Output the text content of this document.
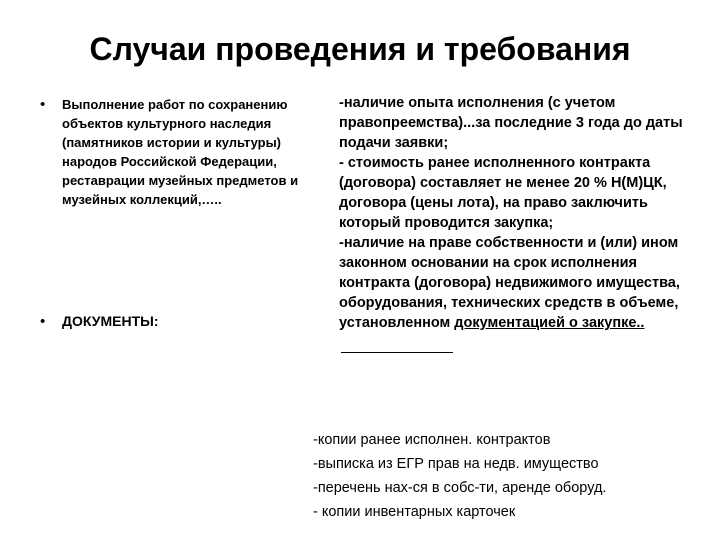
Случаи проведения и требования
• Выполнение работ по сохранению объектов культурного наследия (памятников истории и культуры) народов Российской Федерации, реставрации музейных предметов и музейных коллекций,…..
• ДОКУМЕНТЫ:
-наличие опыта исполнения (с учетом правопреемства)...за последние 3 года до даты подачи заявки;
- стоимость ранее исполненного контракта (договора) составляет не менее 20 % Н(М)ЦК, договора (цены лота), на право заключить который проводится закупка;
-наличие на праве собственности и (или) ином законном основании на срок исполнения контракта (договора) недвижимого имущества, оборудования, технических средств в объеме, установленном документацией о закупке..
-копии ранее исполнен. контрактов
-выписка из ЕГР прав на недв. имущество
-перечень нах-ся в собс-ти, аренде оборуд.
- копии инвентарных карточек
